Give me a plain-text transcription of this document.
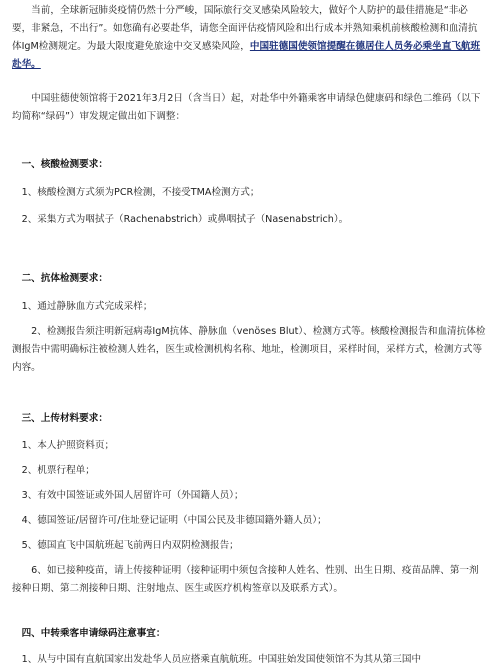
　　当前，全球新冠肺炎疫情仍然十分严峻，国际旅行交叉感染风险较大，做好个人防护的最佳措施是“非必要，非紧急，不出行”。如您确有必要赴华，请您全面评估疫情风险和出行成本并熟知乘机前核酸检测和血清抗体IgM检测规定。为最大限度避免旅途中交叉感染风险，中国驻德国使领馆提醒在德居住人员务必乘坐直飞航班赴华。

　　中国驻德使领馆将于2021年3月2日（含当日）起，对赴华中外籍乘客申请绿色健康码和绿色二维码（以下均简称“绿码”）审发规定做出如下调整：

　一、核酸检测要求：

　1、核酸检测方式须为PCR检测，不接受TMA检测方式；

　2、采集方式为咽拭子（Rachenabstrich）或鼻咽拭子（Nasenabstrich）。

　二、抗体检测要求：

　1、通过静脉血方式完成采样；

　　2、检测报告须注明新冠病毒IgM抗体、静脉血（venöses Blut）、检测方式等。核酸检测报告和血清抗体检测报告中需明确标注被检测人姓名，医生或检测机构名称、地址，检测项目，采样时间，采样方式，检测方式等内容。

　三、上传材料要求：

　1、本人护照资料页；

　2、机票行程单；

　3、有效中国签证或外国人居留许可（外国籍人员）；

　4、德国签证/居留许可/住址登记证明（中国公民及非德国籍外籍人员）；

　5、德国直飞中国航班起飞前两日内双阴检测报告；

　　6、如已接种疫苗，请上传接种证明（接种证明中须包含接种人姓名、性别、出生日期、疫苗品牌、第一剂接种日期、第二剂接种日期、注射地点、医生或医疗机构签章以及联系方式）。

　四、中转乘客申请绿码注意事宜：

　1、从与中国有直航国家出发赴华人员应搭乘直航航班。中国驻始发国使领馆不为其从第三国中
